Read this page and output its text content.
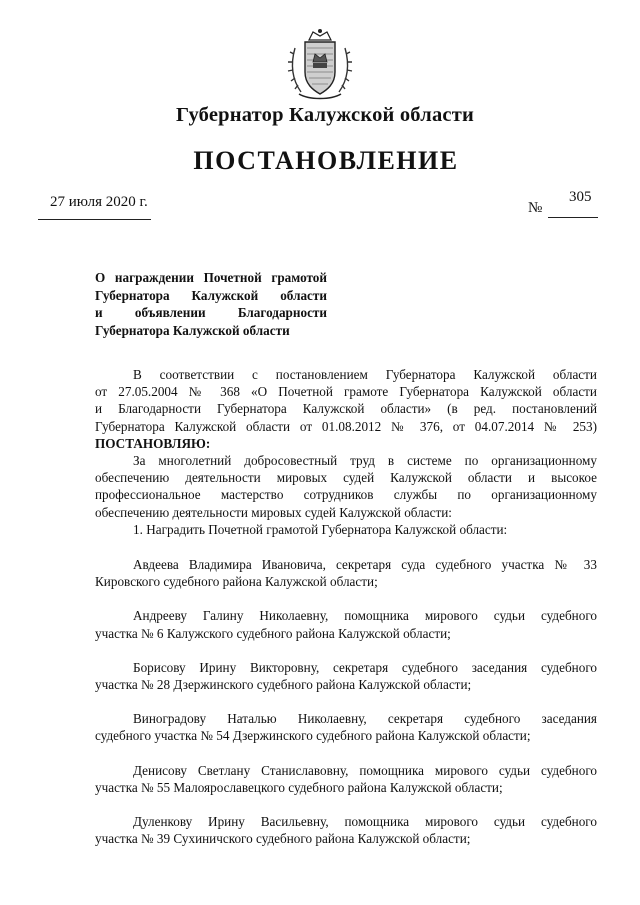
Губернатор Калужской области
ПОСТАНОВЛЕНИЕ
27 июля 2020 г.	№
305
О награждении Почетной грамотой
Губернатора Калужской области
и объявлении Благодарности
Губернатора Калужской области
В соответствии с постановлением Губернатора Калужской области
от 27.05.2004 № 368 «О Почетной грамоте Губернатора Калужской области
и Благодарности Губернатора Калужской области» (в ред. постановлений
Губернатора Калужской области от 01.08.2012 № 376, от 04.07.2014 № 253)
ПОСТАНОВЛЯЮ:
За многолетний добросовестный труд в системе по организационному
обеспечению деятельности мировых судей Калужской области и высокое
профессиональное мастерство сотрудников службы по организационному
обеспечению деятельности мировых судей Калужской области:
1. Наградить Почетной грамотой Губернатора Калужской области:
Авдеева Владимира Ивановича, секретаря суда судебного участка № 33
Кировского судебного района Калужской области;
Андрееву Галину Николаевну, помощника мирового судьи судебного
участка № 6 Калужского судебного района Калужской области;
Борисову Ирину Викторовну, секретаря судебного заседания судебного
участка № 28 Дзержинского судебного района Калужской области;
Виноградову Наталью Николаевну, секретаря судебного заседания
судебного участка № 54 Дзержинского судебного района Калужской области;
Денисову Светлану Станиславовну, помощника мирового судьи судебного
участка № 55 Малоярославецкого судебного района Калужской области;
Дуленкову Ирину Васильевну, помощника мирового судьи судебного
участка № 39 Сухиничского судебного района Калужской области;
